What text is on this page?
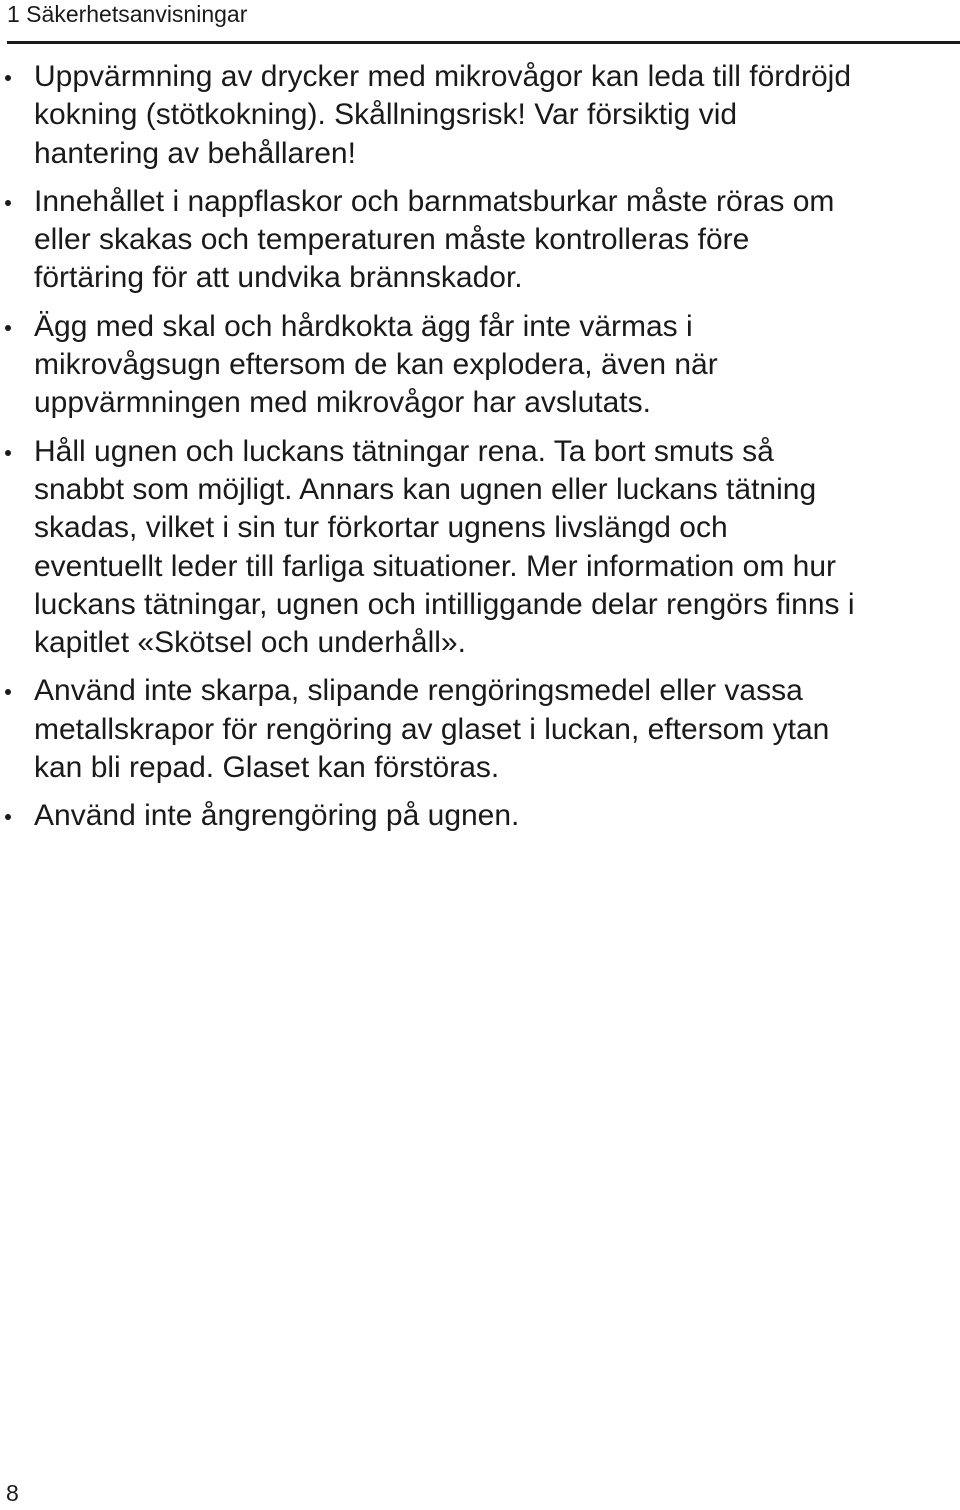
1 Säkerhetsanvisningar
Uppvärmning av drycker med mikrovågor kan leda till fördröjd
kokning (stötkokning). Skållningsrisk! Var försiktig vid
hantering av behållaren!
Innehållet i nappflaskor och barnmatsburkar måste röras om
eller skakas och temperaturen måste kontrolleras före
förtäring för att undvika brännskador.
Ägg med skal och hårdkokta ägg får inte värmas i
mikrovågsugn eftersom de kan explodera, även när
uppvärmningen med mikrovågor har avslutats.
Håll ugnen och luckans tätningar rena. Ta bort smuts så
snabbt som möjligt. Annars kan ugnen eller luckans tätning
skadas, vilket i sin tur förkortar ugnens livslängd och
eventuellt leder till farliga situationer. Mer information om hur
luckans tätningar, ugnen och intilliggande delar rengörs finns i
kapitlet «Skötsel och underhåll».
Använd inte skarpa, slipande rengöringsmedel eller vassa
metallskrapor för rengöring av glaset i luckan, eftersom ytan
kan bli repad. Glaset kan förstöras.
Använd inte ångrengöring på ugnen.
8
